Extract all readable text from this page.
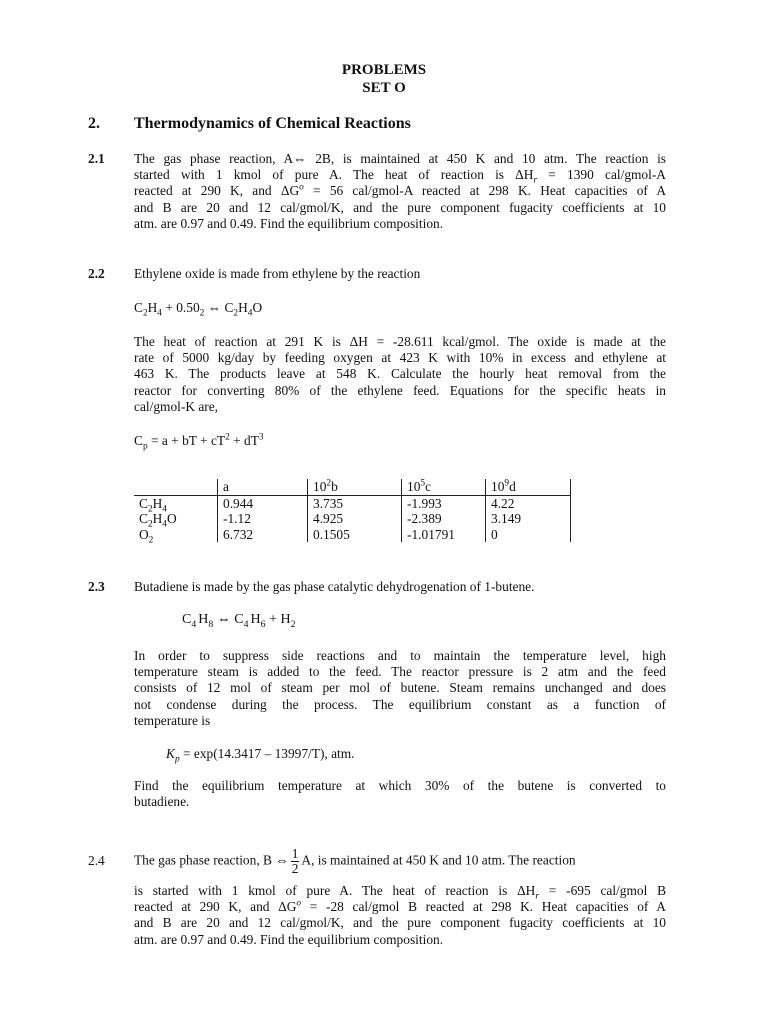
PROBLEMS
SET O
2. Thermodynamics of Chemical Reactions
2.1 The gas phase reaction, A⇔ 2B, is maintained at 450 K and 10 atm. The reaction is
started with 1 kmol of pure A. The heat of reaction is $\Delta H_r = 1390$ cal/gmol-A
reacted at 290 K, and $\Delta G^o = 56$ cal/gmol-A reacted at 298 K. Heat capacities of A
and B are 20 and 12 cal/gmol/K, and the pure component fugacity coefficients at 10
atm. are 0.97 and 0.49. Find the equilibrium composition.
2.2 Ethylene oxide is made from ethylene by the reaction
$C_2H_4 + 0.50_2$ ⇔ $C_2H_4O$
The heat of reaction at 291 K is ΔH = -28.611 kcal/gmol. The oxide is made at the
rate of 5000 kg/day by feeding oxygen at 423 K with 10% in excess and ethylene at
463 K. The products leave at 548 K. Calculate the hourly heat removal from the
reactor for converting 80% of the ethylene feed. Equations for the specific heats in
cal/gmol-K are,
$C_p = a$ + bT + $cT^2 + dT^3$
	a	$10^2b$	$10^5c$	$10^9d$
$C_2H_4$	0.944	3.735	-1.993	4.22
$C_2H_4O$	-1.12	4.925	-2.389	3.149
$O_2$	6.732	0.1505	-1.01791	0
2.3 Butadiene is made by the gas phase catalytic dehydrogenation of 1-butene.
$C_4$ $H_8$ ⇔ $C_4$ $H_6 + H_2$
In order to suppress side reactions and to maintain the temperature level, high
temperature steam is added to the feed. The reactor pressure is 2 atm and the feed
consists of 12 mol of steam per mol of butene. Steam remains unchanged and does
not condense during the process. The equilibrium constant as a function of
temperature is
$K_p = \exp(14.3417 - 13997/T)$, atm.
Find the equilibrium temperature at which 30% of the butene is converted to
butadiene.
2.4 The gas phase reaction, B ⇔ $\frac{1}{2} A$, is maintained at 450 K and 10 atm. The reaction
is started with 1 kmol of pure A. The heat of reaction is $\Delta H_r = -695$ cal/gmol B
reacted at 290 K, and $\Delta G^o = -28$ cal/gmol B reacted at 298 K. Heat capacities of A
and B are 20 and 12 cal/gmol/K, and the pure component fugacity coefficients at 10
atm. are 0.97 and 0.49. Find the equilibrium composition.
